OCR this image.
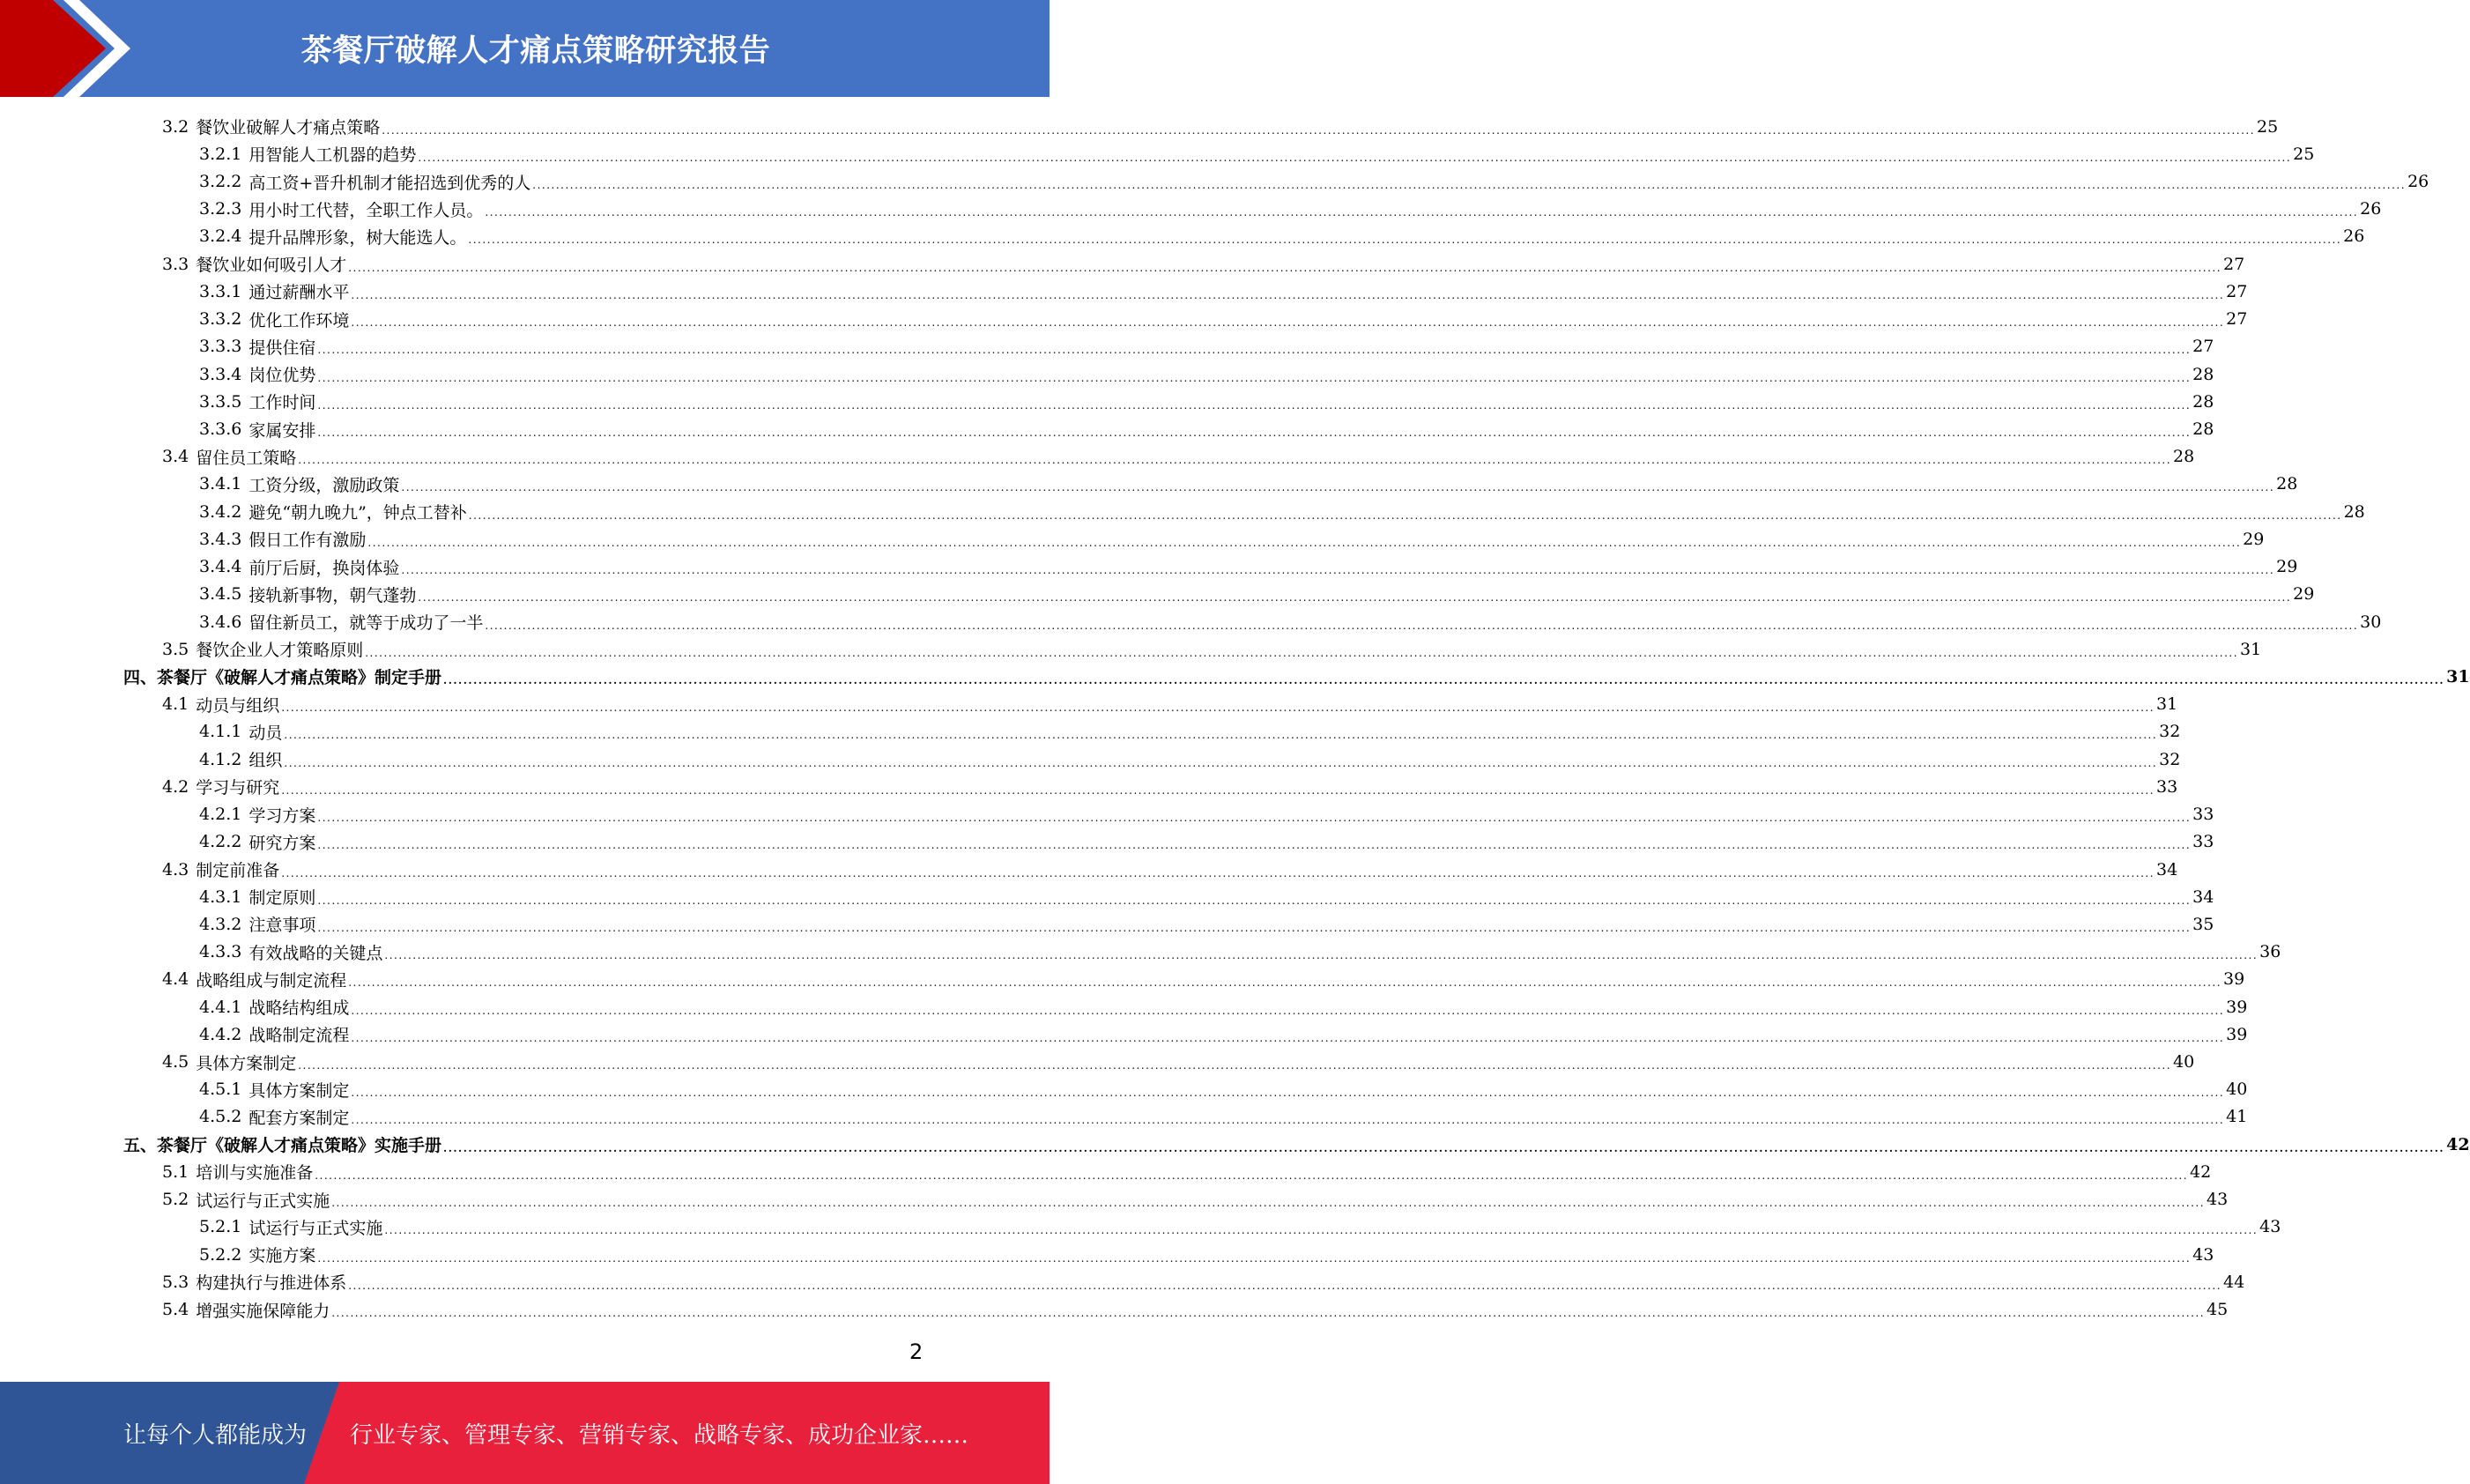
茶餐厅破解人才痛点策略研究报告
3.2 餐饮业破解人才痛点策略 ................................................................................................................................................................................................................................................................................................................................................................................................................ 25
3.2.1 用智能人工机器的趋势 ................................................................................................................................................................................................................................................................................................................................................................................................................ 25
3.2.2 高工资+晋升机制才能招选到优秀的人 ................................................................................................................................................................................................................................................................................................................................................................................................................ 26
3.2.3 用小时工代替，全职工作人员。 ................................................................................................................................................................................................................................................................................................................................................................................................................ 26
3.2.4 提升品牌形象，树大能选人。 ................................................................................................................................................................................................................................................................................................................................................................................................................ 26
3.3 餐饮业如何吸引人才 ................................................................................................................................................................................................................................................................................................................................................................................................................ 27
3.3.1 通过薪酬水平 ................................................................................................................................................................................................................................................................................................................................................................................................................ 27
3.3.2 优化工作环境 ................................................................................................................................................................................................................................................................................................................................................................................................................ 27
3.3.3 提供住宿 ................................................................................................................................................................................................................................................................................................................................................................................................................ 27
3.3.4 岗位优势 ................................................................................................................................................................................................................................................................................................................................................................................................................ 28
3.3.5 工作时间 ................................................................................................................................................................................................................................................................................................................................................................................................................ 28
3.3.6 家属安排 ................................................................................................................................................................................................................................................................................................................................................................................................................ 28
3.4 留住员工策略 ................................................................................................................................................................................................................................................................................................................................................................................................................ 28
3.4.1 工资分级，激励政策 ................................................................................................................................................................................................................................................................................................................................................................................................................ 28
3.4.2 避免“朝九晚九”，钟点工替补 ................................................................................................................................................................................................................................................................................................................................................................................................................ 28
3.4.3 假日工作有激励 ................................................................................................................................................................................................................................................................................................................................................................................................................ 29
3.4.4 前厅后厨，换岗体验 ................................................................................................................................................................................................................................................................................................................................................................................................................ 29
3.4.5 接轨新事物，朝气蓬勃 ................................................................................................................................................................................................................................................................................................................................................................................................................ 29
3.4.6 留住新员工，就等于成功了一半 ................................................................................................................................................................................................................................................................................................................................................................................................................ 30
3.5 餐饮企业人才策略原则 ................................................................................................................................................................................................................................................................................................................................................................................................................ 31
四、茶餐厅《破解人才痛点策略》制定手册 ................................................................................................................................................................................................................................................................................................................................................................................................................ 31
4.1 动员与组织 ................................................................................................................................................................................................................................................................................................................................................................................................................ 31
4.1.1 动员 ................................................................................................................................................................................................................................................................................................................................................................................................................ 32
4.1.2 组织 ................................................................................................................................................................................................................................................................................................................................................................................................................ 32
4.2 学习与研究 ................................................................................................................................................................................................................................................................................................................................................................................................................ 33
4.2.1 学习方案 ................................................................................................................................................................................................................................................................................................................................................................................................................ 33
4.2.2 研究方案 ................................................................................................................................................................................................................................................................................................................................................................................................................ 33
4.3 制定前准备 ................................................................................................................................................................................................................................................................................................................................................................................................................ 34
4.3.1 制定原则 ................................................................................................................................................................................................................................................................................................................................................................................................................ 34
4.3.2 注意事项 ................................................................................................................................................................................................................................................................................................................................................................................................................ 35
4.3.3 有效战略的关键点 ................................................................................................................................................................................................................................................................................................................................................................................................................ 36
4.4 战略组成与制定流程 ................................................................................................................................................................................................................................................................................................................................................................................................................ 39
4.4.1 战略结构组成 ................................................................................................................................................................................................................................................................................................................................................................................................................ 39
4.4.2 战略制定流程 ................................................................................................................................................................................................................................................................................................................................................................................................................ 39
4.5 具体方案制定 ................................................................................................................................................................................................................................................................................................................................................................................................................ 40
4.5.1 具体方案制定 ................................................................................................................................................................................................................................................................................................................................................................................................................ 40
4.5.2 配套方案制定 ................................................................................................................................................................................................................................................................................................................................................................................................................ 41
五、茶餐厅《破解人才痛点策略》实施手册 ................................................................................................................................................................................................................................................................................................................................................................................................................ 42
5.1 培训与实施准备 ................................................................................................................................................................................................................................................................................................................................................................................................................ 42
5.2 试运行与正式实施 ................................................................................................................................................................................................................................................................................................................................................................................................................ 43
5.2.1 试运行与正式实施 ................................................................................................................................................................................................................................................................................................................................................................................................................ 43
5.2.2 实施方案 ................................................................................................................................................................................................................................................................................................................................................................................................................ 43
5.3 构建执行与推进体系 ................................................................................................................................................................................................................................................................................................................................................................................................................ 44
5.4 增强实施保障能力 ................................................................................................................................................................................................................................................................................................................................................................................................................ 45
2
让每个人都能成为 行业专家、管理专家、营销专家、战略专家、成功企业家……
